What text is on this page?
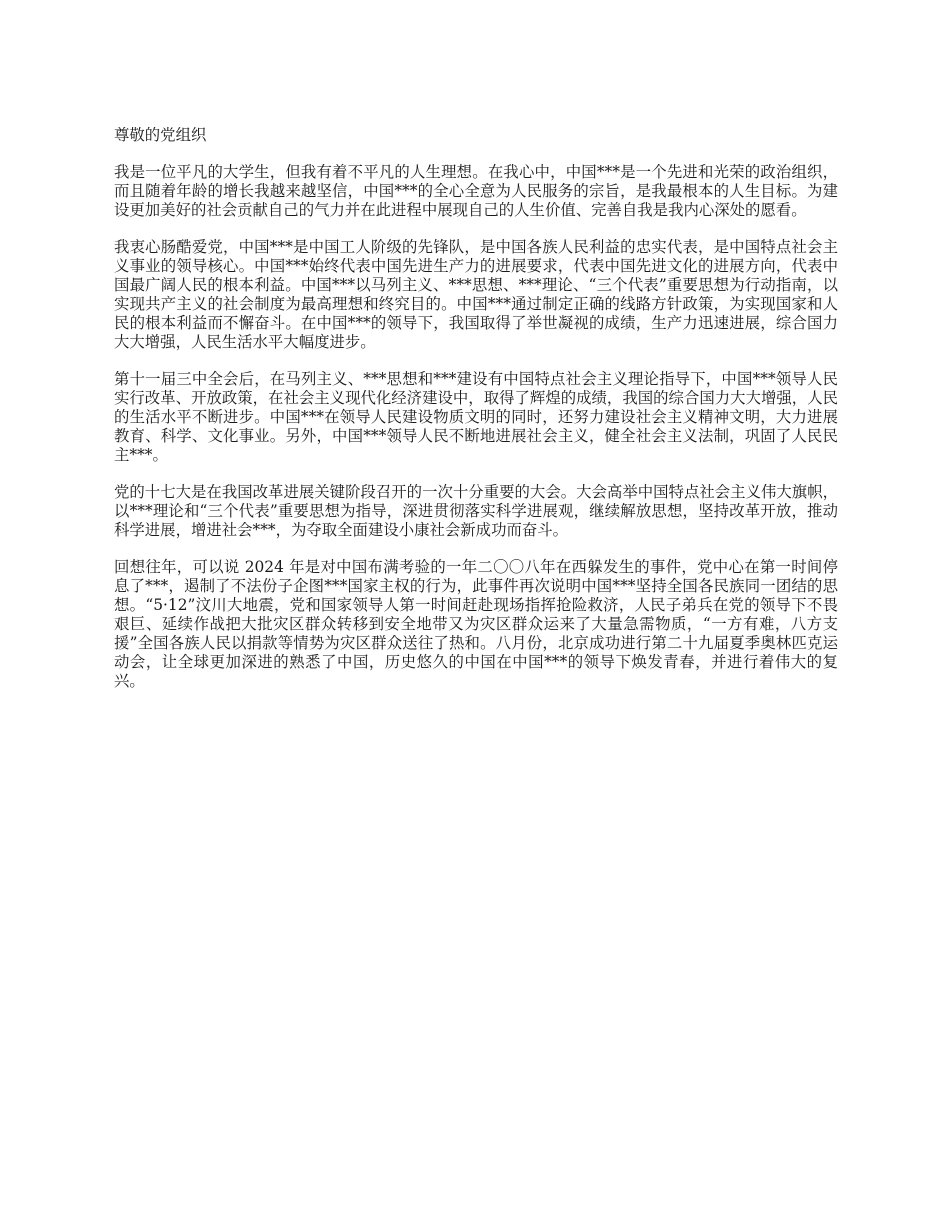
尊敬的党组织

我是一位平凡的大学生，但我有着不平凡的人生理想。在我心中，中国***是一个先进和光荣的政治组织，而且随着年龄的增长我越来越坚信，中国***的全心全意为人民服务的宗旨，是我最根本的人生目标。为建设更加美好的社会贡献自己的气力并在此进程中展现自己的人生价值、完善自我是我内心深处的愿看。

我衷心肠酷爱党，中国***是中国工人阶级的先锋队，是中国各族人民利益的忠实代表，是中国特点社会主义事业的领导核心。中国***始终代表中国先进生产力的进展要求，代表中国先进文化的进展方向，代表中国最广阔人民的根本利益。中国***以马列主义、***思想、***理论、“三个代表”重要思想为行动指南，以实现共产主义的社会制度为最高理想和终究目的。中国***通过制定正确的线路方针政策，为实现国家和人民的根本利益而不懈奋斗。在中国***的领导下，我国取得了举世凝视的成绩，生产力迅速进展，综合国力大大增强，人民生活水平大幅度进步。

第十一届三中全会后，在马列主义、***思想和***建设有中国特点社会主义理论指导下，中国***领导人民实行改革、开放政策，在社会主义现代化经济建设中，取得了辉煌的成绩，我国的综合国力大大增强，人民的生活水平不断进步。中国***在领导人民建设物质文明的同时，还努力建设社会主义精神文明，大力进展教育、科学、文化事业。另外，中国***领导人民不断地进展社会主义，健全社会主义法制，巩固了人民民主***。

党的十七大是在我国改革进展关键阶段召开的一次十分重要的大会。大会高举中国特点社会主义伟大旗帜，以***理论和“三个代表”重要思想为指导，深进贯彻落实科学进展观，继续解放思想，坚持改革开放，推动科学进展，增进社会***，为夺取全面建设小康社会新成功而奋斗。

回想往年，可以说 2024 年是对中国布满考验的一年二〇〇八年在西躲发生的事件，党中心在第一时间停息了***，遏制了不法份子企图***国家主权的行为，此事件再次说明中国***坚持全国各民族同一团结的思想。“5·12”汶川大地震，党和国家领导人第一时间赶赴现场指挥抢险救济，人民子弟兵在党的领导下不畏艰巨、延续作战把大批灾区群众转移到安全地带又为灾区群众运来了大量急需物质，“一方有难，八方支援”全国各族人民以捐款等情势为灾区群众送往了热和。八月份，北京成功进行第二十九届夏季奥林匹克运动会，让全球更加深进的熟悉了中国，历史悠久的中国在中国***的领导下焕发青春，并进行着伟大的复兴。
